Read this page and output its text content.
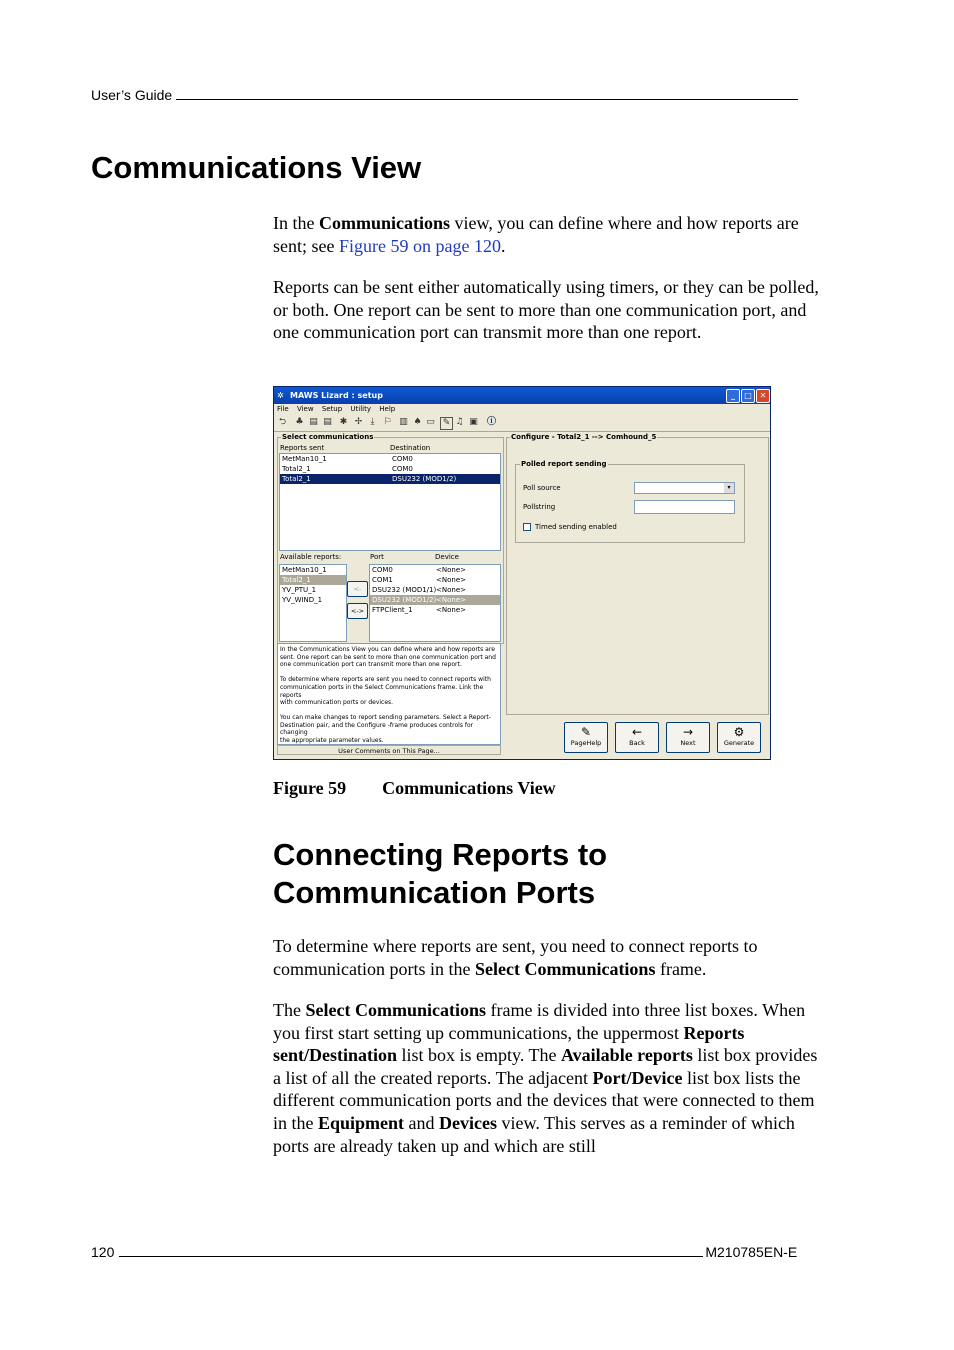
User’s Guide
Communications View

In the Communications view, you can define where and how reports are sent; see Figure 59 on page 120.

Reports can be sent either automatically using timers, or they can be polled, or both. One report can be sent to more than one communication port, and one communication port can transmit more than one report.

✲ MAWS Lizard : setup	_	□ ✕
File View Setup Utility Help
⮌ ♣ ▤ ▤ ✱ ✢ ⤓ ⚐ ▥ ♠ ▭ ✎ ♫ ▣ ⓘ
Select communications
Reports sent	Destination
MetMan10_1	COM0
Total2_1	COM0
Total2_1	DSU232 (MOD1/2)
Available reports:	Port	Device
MetMan10_1
Total2_1
YV_PTU_1
YV_WIND_1
<-
<->
COM0	<None>
COM1	<None>
DSU232 (MOD1/1) <None>
DSU232 (MOD1/2) <None>
FTPClient_1	<None>
In the Communications View you can define where and how reports are
sent. One report can be sent to more than one communication port and
one communication port can transmit more than one report.
To determine where reports are sent you need to connect reports with
communication ports in the Select Communications frame. Link the reports
with communication ports or devices.
You can make changes to report sending parameters. Select a Report-
Destination pair, and the Configure -frame produces controls for changing
the appropriate parameter values.
User Comments on This Page...
Configure - Total2_1 --> Comhound_5
Polled report sending
Poll source	▾
Pollstring
Timed sending enabled
✎
PageHelp
←
Back
→
Next
⚙
Generate
Figure 59 Communications View
Connecting Reports to
Communication Ports

To determine where reports are sent, you need to connect reports to communication ports in the Select Communications frame.

The Select Communications frame is divided into three list boxes. When you first start setting up communications, the uppermost Reports sent/Destination list box is empty. The Available reports list box provides a list of all the created reports. The adjacent Port/Device list box lists the different communication ports and the devices that were connected to them in the Equipment and Devices view. This serves as a reminder of which ports are already taken up and which are still

120	M210785EN-E
